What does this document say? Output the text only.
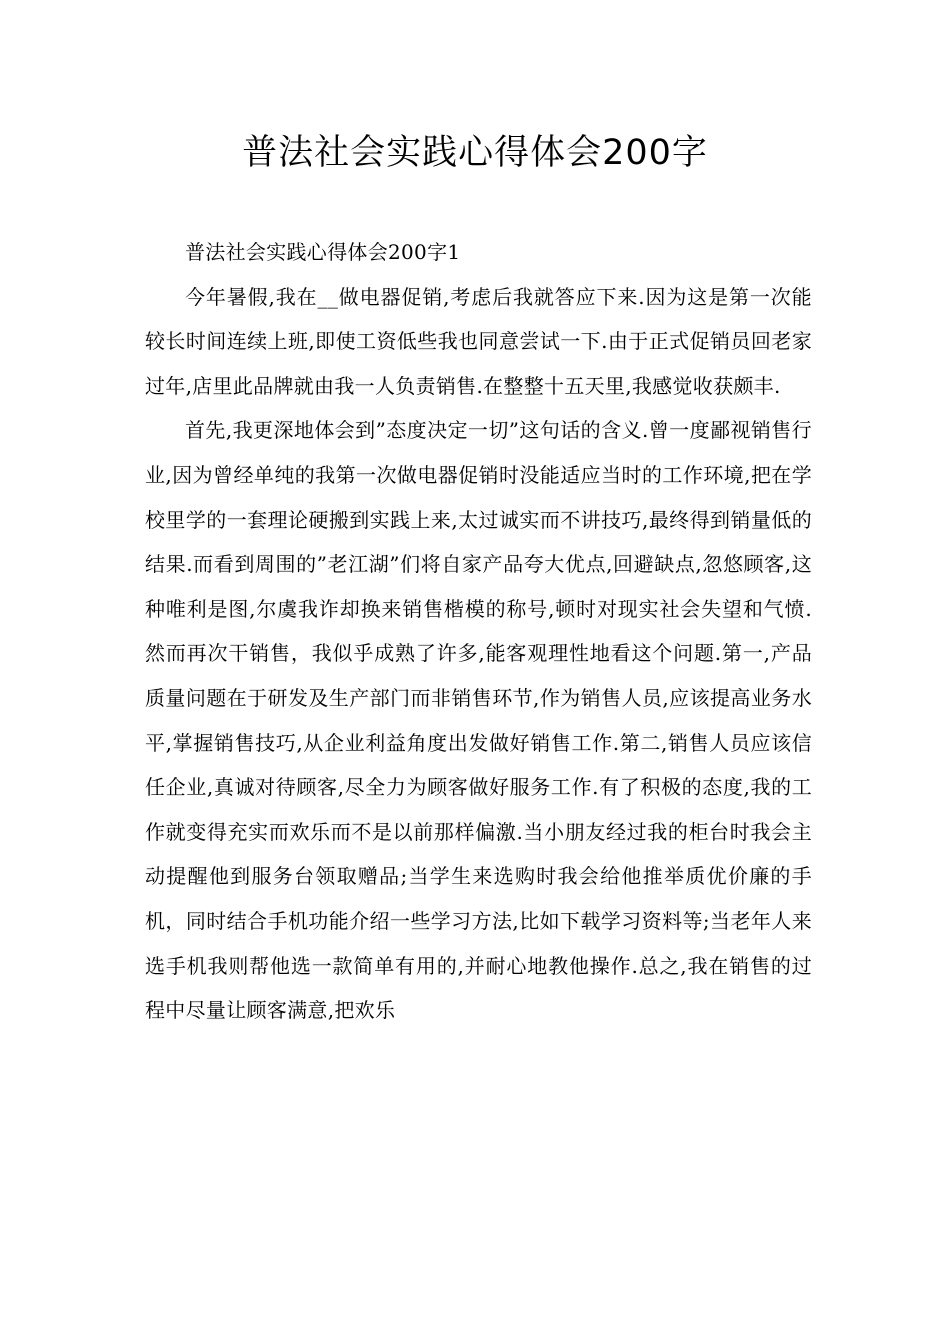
普法社会实践心得体会200字

普法社会实践心得体会200字1

今年暑假,我在__做电器促销,考虑后我就答应下来.因为这是第一次能较长时间连续上班,即使工资低些我也同意尝试一下.由于正式促销员回老家过年,店里此品牌就由我一人负责销售.在整整十五天里,我感觉收获颇丰.

首先,我更深地体会到”态度决定一切”这句话的含义.曾一度鄙视销售行业,因为曾经单纯的我第一次做电器促销时没能适应当时的工作环境,把在学校里学的一套理论硬搬到实践上来,太过诚实而不讲技巧,最终得到销量低的结果.而看到周围的”老江湖”们将自家产品夸大优点,回避缺点,忽悠顾客,这种唯利是图,尔虞我诈却换来销售楷模的称号,顿时对现实社会失望和气愤.然而再次干销售，我似乎成熟了许多,能客观理性地看这个问题.第一,产品质量问题在于研发及生产部门而非销售环节,作为销售人员,应该提高业务水平,掌握销售技巧,从企业利益角度出发做好销售工作.第二,销售人员应该信任企业,真诚对待顾客,尽全力为顾客做好服务工作.有了积极的态度,我的工作就变得充实而欢乐而不是以前那样偏激.当小朋友经过我的柜台时我会主动提醒他到服务台领取赠品;当学生来选购时我会给他推举质优价廉的手机，同时结合手机功能介绍一些学习方法,比如下载学习资料等;当老年人来选手机我则帮他选一款简单有用的,并耐心地教他操作.总之,我在销售的过程中尽量让顾客满意,把欢乐
